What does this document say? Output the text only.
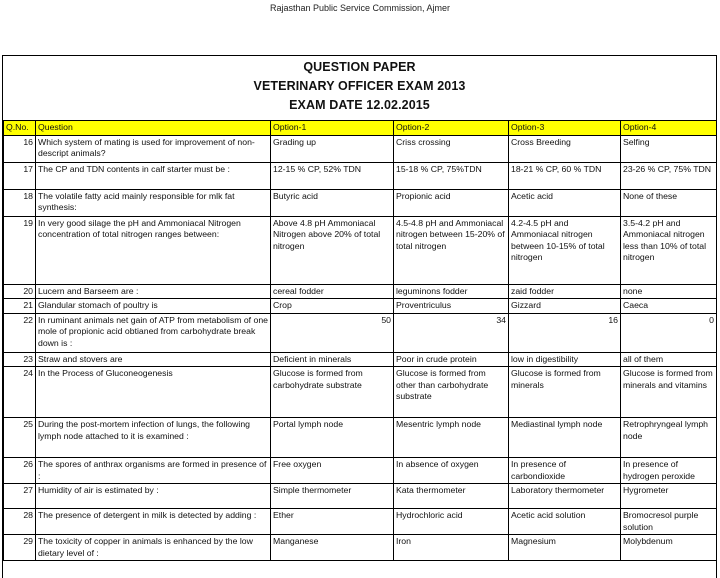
Rajasthan Public Service Commission, Ajmer
QUESTION PAPER
VETERINARY OFFICER EXAM 2013
EXAM DATE 12.02.2015
Q.No.	Question	Option-1	Option-2	Option-3	Option-4
16	Which system of mating is used for improvement of non-descript animals?	Grading up	Criss crossing	Cross Breeding	Selfing
17	The CP and TDN contents in calf starter must be :	12-15 % CP, 52% TDN	15-18 % CP, 75%TDN	18-21 % CP, 60 % TDN	23-26 % CP, 75% TDN
18	The volatile fatty acid mainly responsible for mlk fat synthesis:	Butyric acid	Propionic acid	Acetic acid	None of these
19	In very good silage the pH and Ammoniacal Nitrogen concentration of total nitrogen ranges between:	Above 4.8 pH Ammoniacal Nitrogen above 20% of total nitrogen	4.5-4.8 pH and Ammoniacal nitrogen between 15-20% of total nitrogen	4.2-4.5 pH and Ammoniacal nitrogen between 10-15% of total nitrogen	3.5-4.2 pH and Ammoniacal nitrogen less than 10% of total nitrogen
20	Lucern and Barseem are :	cereal fodder	leguminons fodder	zaid fodder	none
21	Glandular stomach of poultry is	Crop	Proventriculus	Gizzard	Caeca
22	In ruminant animals net gain of ATP from metabolism of one mole of propionic acid obtianed from carbohydrate break down is :	50	34	16	0
23	Straw and stovers are	Deficient in minerals	Poor in crude protein	low in digestibility	all of them
24	In the Process of Gluconeogenesis	Glucose is formed from carbohydrate substrate	Glucose is formed from other than carbohydrate substrate	Glucose is formed from minerals	Glucose is formed from minerals and vitamins
25	During the post-mortem infection of lungs, the following lymph node attached to it is examined :	Portal lymph node	Mesentric lymph node	Mediastinal lymph node	Retrophryngeal lymph node
26	The spores of anthrax organisms are formed in presence of :	Free oxygen	In absence of oxygen	In presence of carbondioxide	In presence of hydrogen peroxide
27	Humidity of air is estimated by :	Simple thermometer	Kata thermometer	Laboratory thermometer	Hygrometer
28	The presence of detergent in milk is detected by adding :	Ether	Hydrochloric acid	Acetic acid solution	Bromocresol purple solution
29	The toxicity of copper in animals is enhanced by the low dietary level of :	Manganese	Iron	Magnesium	Molybdenum
